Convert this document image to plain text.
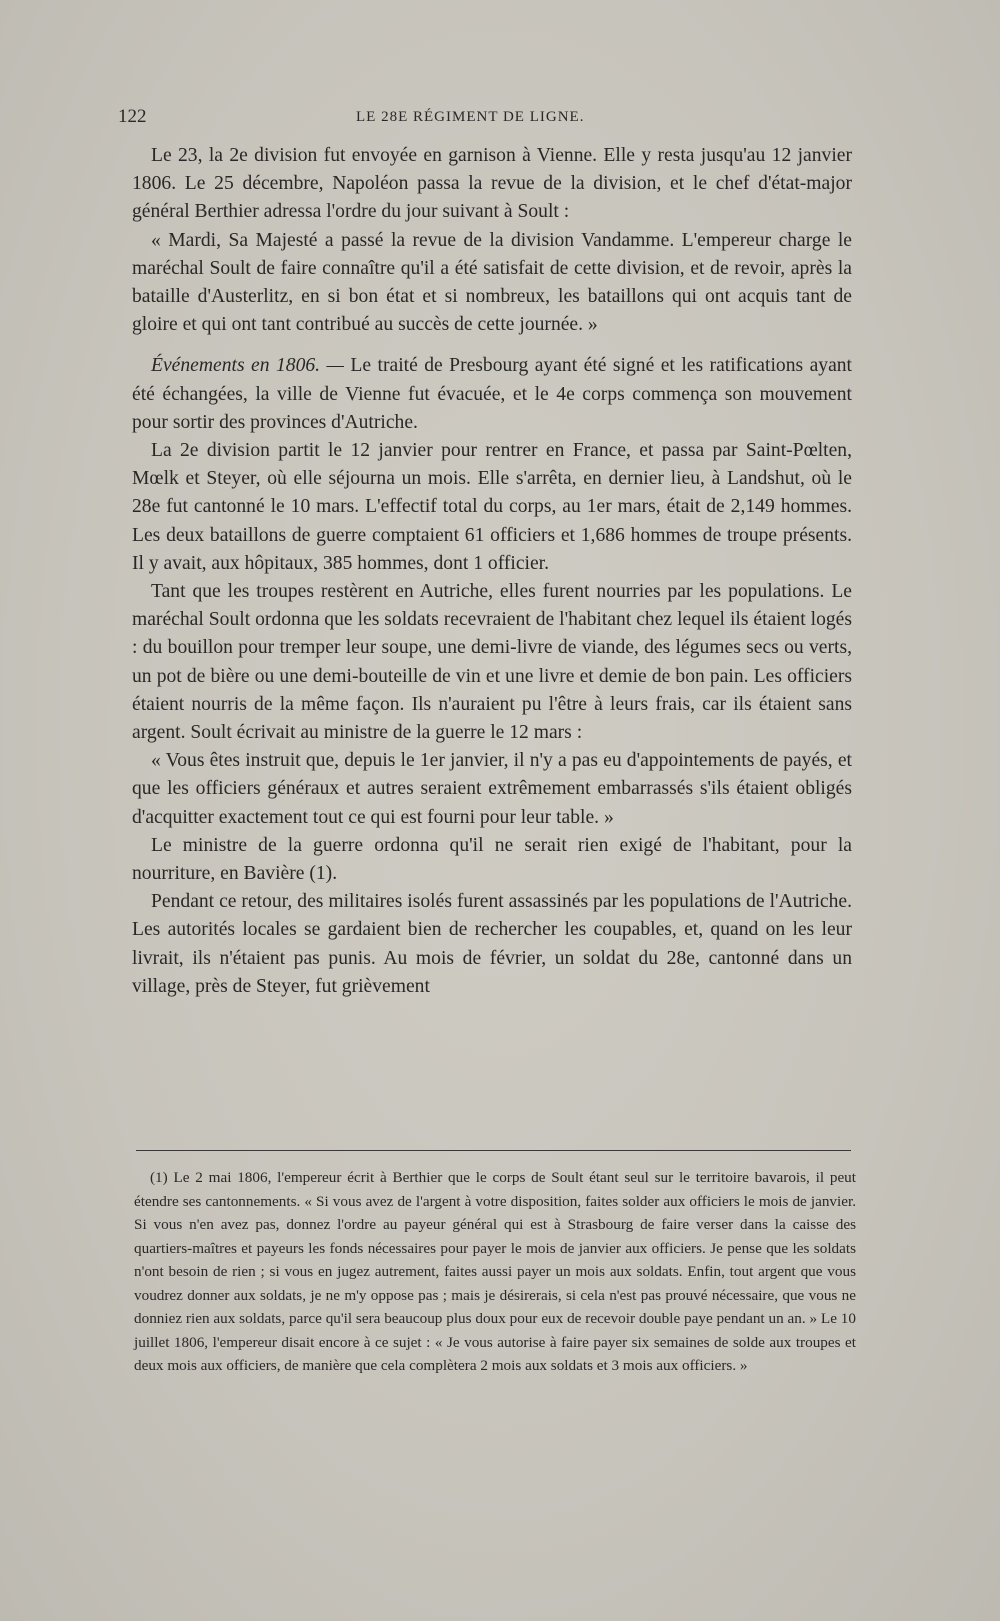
122	LE 28E RÉGIMENT DE LIGNE.

Le 23, la 2e division fut envoyée en garnison à Vienne. Elle y resta jusqu'au 12 janvier 1806. Le 25 décembre, Napoléon passa la revue de la division, et le chef d'état-major général Berthier adressa l'ordre du jour suivant à Soult :

« Mardi, Sa Majesté a passé la revue de la division Vandamme. L'empereur charge le maréchal Soult de faire connaître qu'il a été satisfait de cette division, et de revoir, après la bataille d'Austerlitz, en si bon état et si nombreux, les bataillons qui ont acquis tant de gloire et qui ont tant contribué au succès de cette journée. »

Événements en 1806. — Le traité de Presbourg ayant été signé et les ratifications ayant été échangées, la ville de Vienne fut évacuée, et le 4e corps commença son mouvement pour sortir des provinces d'Autriche.

La 2e division partit le 12 janvier pour rentrer en France, et passa par Saint-Pœlten, Mœlk et Steyer, où elle séjourna un mois. Elle s'arrêta, en dernier lieu, à Landshut, où le 28e fut cantonné le 10 mars. L'effectif total du corps, au 1er mars, était de 2,149 hommes. Les deux bataillons de guerre comptaient 61 officiers et 1,686 hommes de troupe présents. Il y avait, aux hôpitaux, 385 hommes, dont 1 officier.

Tant que les troupes restèrent en Autriche, elles furent nourries par les populations. Le maréchal Soult ordonna que les soldats recevraient de l'habitant chez lequel ils étaient logés : du bouillon pour tremper leur soupe, une demi-livre de viande, des légumes secs ou verts, un pot de bière ou une demi-bouteille de vin et une livre et demie de bon pain. Les officiers étaient nourris de la même façon. Ils n'auraient pu l'être à leurs frais, car ils étaient sans argent. Soult écrivait au ministre de la guerre le 12 mars :

« Vous êtes instruit que, depuis le 1er janvier, il n'y a pas eu d'appointements de payés, et que les officiers généraux et autres seraient extrêmement embarrassés s'ils étaient obligés d'acquitter exactement tout ce qui est fourni pour leur table. »

Le ministre de la guerre ordonna qu'il ne serait rien exigé de l'habitant, pour la nourriture, en Bavière (1).

Pendant ce retour, des militaires isolés furent assassinés par les populations de l'Autriche. Les autorités locales se gardaient bien de rechercher les coupables, et, quand on les leur livrait, ils n'étaient pas punis. Au mois de février, un soldat du 28e, cantonné dans un village, près de Steyer, fut grièvement

(1) Le 2 mai 1806, l'empereur écrit à Berthier que le corps de Soult étant seul sur le territoire bavarois, il peut étendre ses cantonnements. « Si vous avez de l'argent à votre disposition, faites solder aux officiers le mois de janvier. Si vous n'en avez pas, donnez l'ordre au payeur général qui est à Strasbourg de faire verser dans la caisse des quartiers-maîtres et payeurs les fonds nécessaires pour payer le mois de janvier aux officiers. Je pense que les soldats n'ont besoin de rien ; si vous en jugez autrement, faites aussi payer un mois aux soldats. Enfin, tout argent que vous voudrez donner aux soldats, je ne m'y oppose pas ; mais je désirerais, si cela n'est pas prouvé nécessaire, que vous ne donniez rien aux soldats, parce qu'il sera beaucoup plus doux pour eux de recevoir double paye pendant un an. » Le 10 juillet 1806, l'empereur disait encore à ce sujet : « Je vous autorise à faire payer six semaines de solde aux troupes et deux mois aux officiers, de manière que cela complètera 2 mois aux soldats et 3 mois aux officiers. »
